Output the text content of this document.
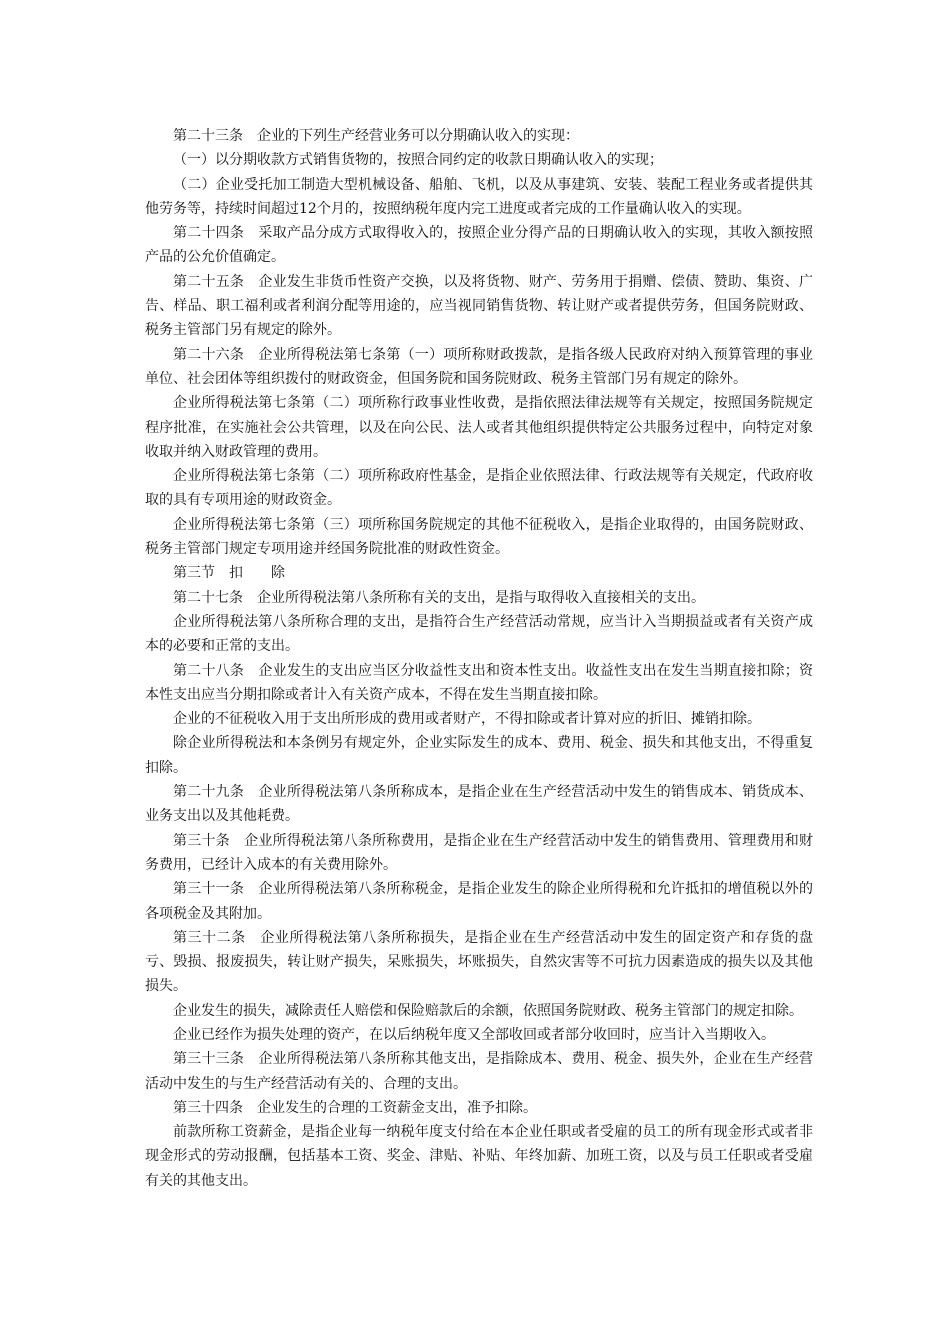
第二十三条　企业的下列生产经营业务可以分期确认收入的实现：

（一）以分期收款方式销售货物的，按照合同约定的收款日期确认收入的实现；

（二）企业受托加工制造大型机械设备、船舶、飞机，以及从事建筑、安装、装配工程业务或者提供其他劳务等，持续时间超过12个月的，按照纳税年度内完工进度或者完成的工作量确认收入的实现。

第二十四条　采取产品分成方式取得收入的，按照企业分得产品的日期确认收入的实现，其收入额按照产品的公允价值确定。

第二十五条　企业发生非货币性资产交换，以及将货物、财产、劳务用于捐赠、偿债、赞助、集资、广告、样品、职工福利或者利润分配等用途的，应当视同销售货物、转让财产或者提供劳务，但国务院财政、税务主管部门另有规定的除外。

第二十六条　企业所得税法第七条第（一）项所称财政拨款，是指各级人民政府对纳入预算管理的事业单位、社会团体等组织拨付的财政资金，但国务院和国务院财政、税务主管部门另有规定的除外。

企业所得税法第七条第（二）项所称行政事业性收费，是指依照法律法规等有关规定，按照国务院规定程序批准，在实施社会公共管理，以及在向公民、法人或者其他组织提供特定公共服务过程中，向特定对象收取并纳入财政管理的费用。

企业所得税法第七条第（二）项所称政府性基金，是指企业依照法律、行政法规等有关规定，代政府收取的具有专项用途的财政资金。

企业所得税法第七条第（三）项所称国务院规定的其他不征税收入，是指企业取得的，由国务院财政、税务主管部门规定专项用途并经国务院批准的财政性资金。

第三节　扣　　除

第二十七条　企业所得税法第八条所称有关的支出，是指与取得收入直接相关的支出。

企业所得税法第八条所称合理的支出，是指符合生产经营活动常规，应当计入当期损益或者有关资产成本的必要和正常的支出。

第二十八条　企业发生的支出应当区分收益性支出和资本性支出。收益性支出在发生当期直接扣除；资本性支出应当分期扣除或者计入有关资产成本，不得在发生当期直接扣除。

企业的不征税收入用于支出所形成的费用或者财产，不得扣除或者计算对应的折旧、摊销扣除。

除企业所得税法和本条例另有规定外，企业实际发生的成本、费用、税金、损失和其他支出，不得重复扣除。

第二十九条　企业所得税法第八条所称成本，是指企业在生产经营活动中发生的销售成本、销货成本、业务支出以及其他耗费。

第三十条　企业所得税法第八条所称费用，是指企业在生产经营活动中发生的销售费用、管理费用和财务费用，已经计入成本的有关费用除外。

第三十一条　企业所得税法第八条所称税金，是指企业发生的除企业所得税和允许抵扣的增值税以外的各项税金及其附加。

第三十二条　企业所得税法第八条所称损失，是指企业在生产经营活动中发生的固定资产和存货的盘亏、毁损、报废损失，转让财产损失，呆账损失，坏账损失，自然灾害等不可抗力因素造成的损失以及其他损失。

企业发生的损失，减除责任人赔偿和保险赔款后的余额，依照国务院财政、税务主管部门的规定扣除。

企业已经作为损失处理的资产，在以后纳税年度又全部收回或者部分收回时，应当计入当期收入。

第三十三条　企业所得税法第八条所称其他支出，是指除成本、费用、税金、损失外，企业在生产经营活动中发生的与生产经营活动有关的、合理的支出。

第三十四条　企业发生的合理的工资薪金支出，准予扣除。

前款所称工资薪金，是指企业每一纳税年度支付给在本企业任职或者受雇的员工的所有现金形式或者非现金形式的劳动报酬，包括基本工资、奖金、津贴、补贴、年终加薪、加班工资，以及与员工任职或者受雇有关的其他支出。
